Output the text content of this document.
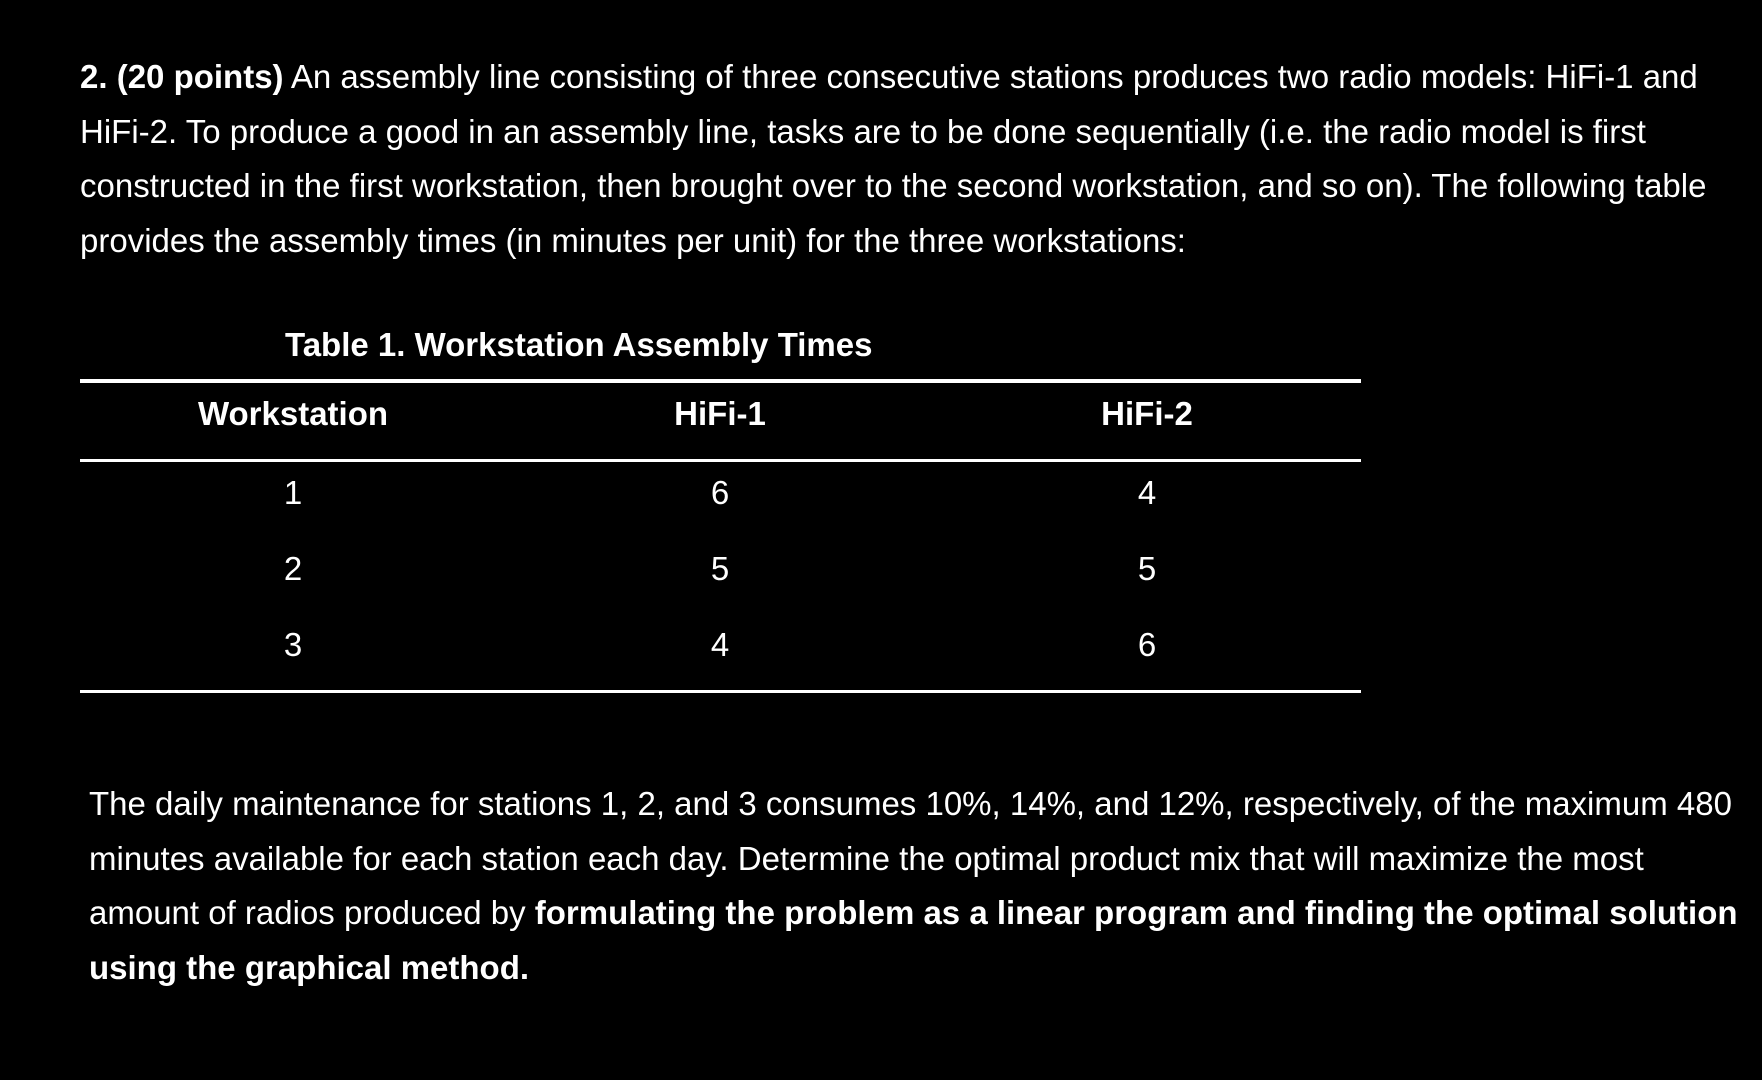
2. (20 points) An assembly line consisting of three consecutive stations produces two radio models: HiFi-1 and HiFi-2. To produce a good in an assembly line, tasks are to be done sequentially (i.e. the radio model is first constructed in the first workstation, then brought over to the second workstation, and so on). The following table provides the assembly times (in minutes per unit) for the three workstations:

Table 1. Workstation Assembly Times
Workstation	HiFi-1	HiFi-2
1	6	4
2	5	5
3	4	6

The daily maintenance for stations 1, 2, and 3 consumes 10%, 14%, and 12%, respectively, of the maximum 480 minutes available for each station each day. Determine the optimal product mix that will maximize the most amount of radios produced by formulating the problem as a linear program and finding the optimal solution using the graphical method.
